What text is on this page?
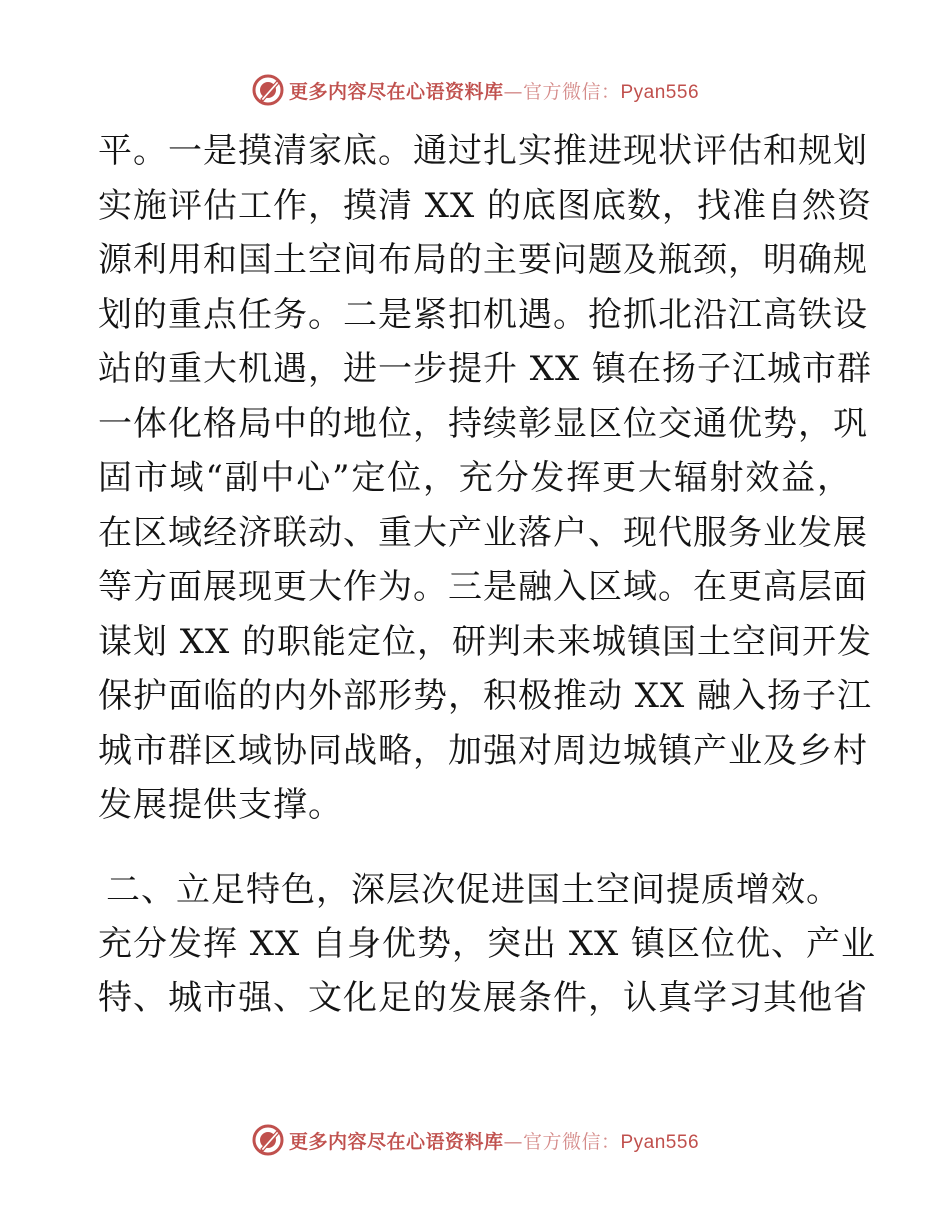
更多内容尽在心语资料库—官方微信：Pyan556
平。一是摸清家底。通过扎实推进现状评估和规划
实施评估工作，摸清 XX 的底图底数，找准自然资
源利用和国土空间布局的主要问题及瓶颈，明确规
划的重点任务。二是紧扣机遇。抢抓北沿江高铁设
站的重大机遇，进一步提升 XX 镇在扬子江城市群
一体化格局中的地位，持续彰显区位交通优势，巩
固市域“副中心”定位，充分发挥更大辐射效益，
在区域经济联动、重大产业落户、现代服务业发展
等方面展现更大作为。三是融入区域。在更高层面
谋划 XX 的职能定位，研判未来城镇国土空间开发
保护面临的内外部形势，积极推动 XX 融入扬子江
城市群区域协同战略，加强对周边城镇产业及乡村
发展提供支撑。
二、立足特色，深层次促进国土空间提质增效。
充分发挥 XX 自身优势，突出 XX 镇区位优、产业
特、城市强、文化足的发展条件，认真学习其他省
更多内容尽在心语资料库—官方微信：Pyan556
